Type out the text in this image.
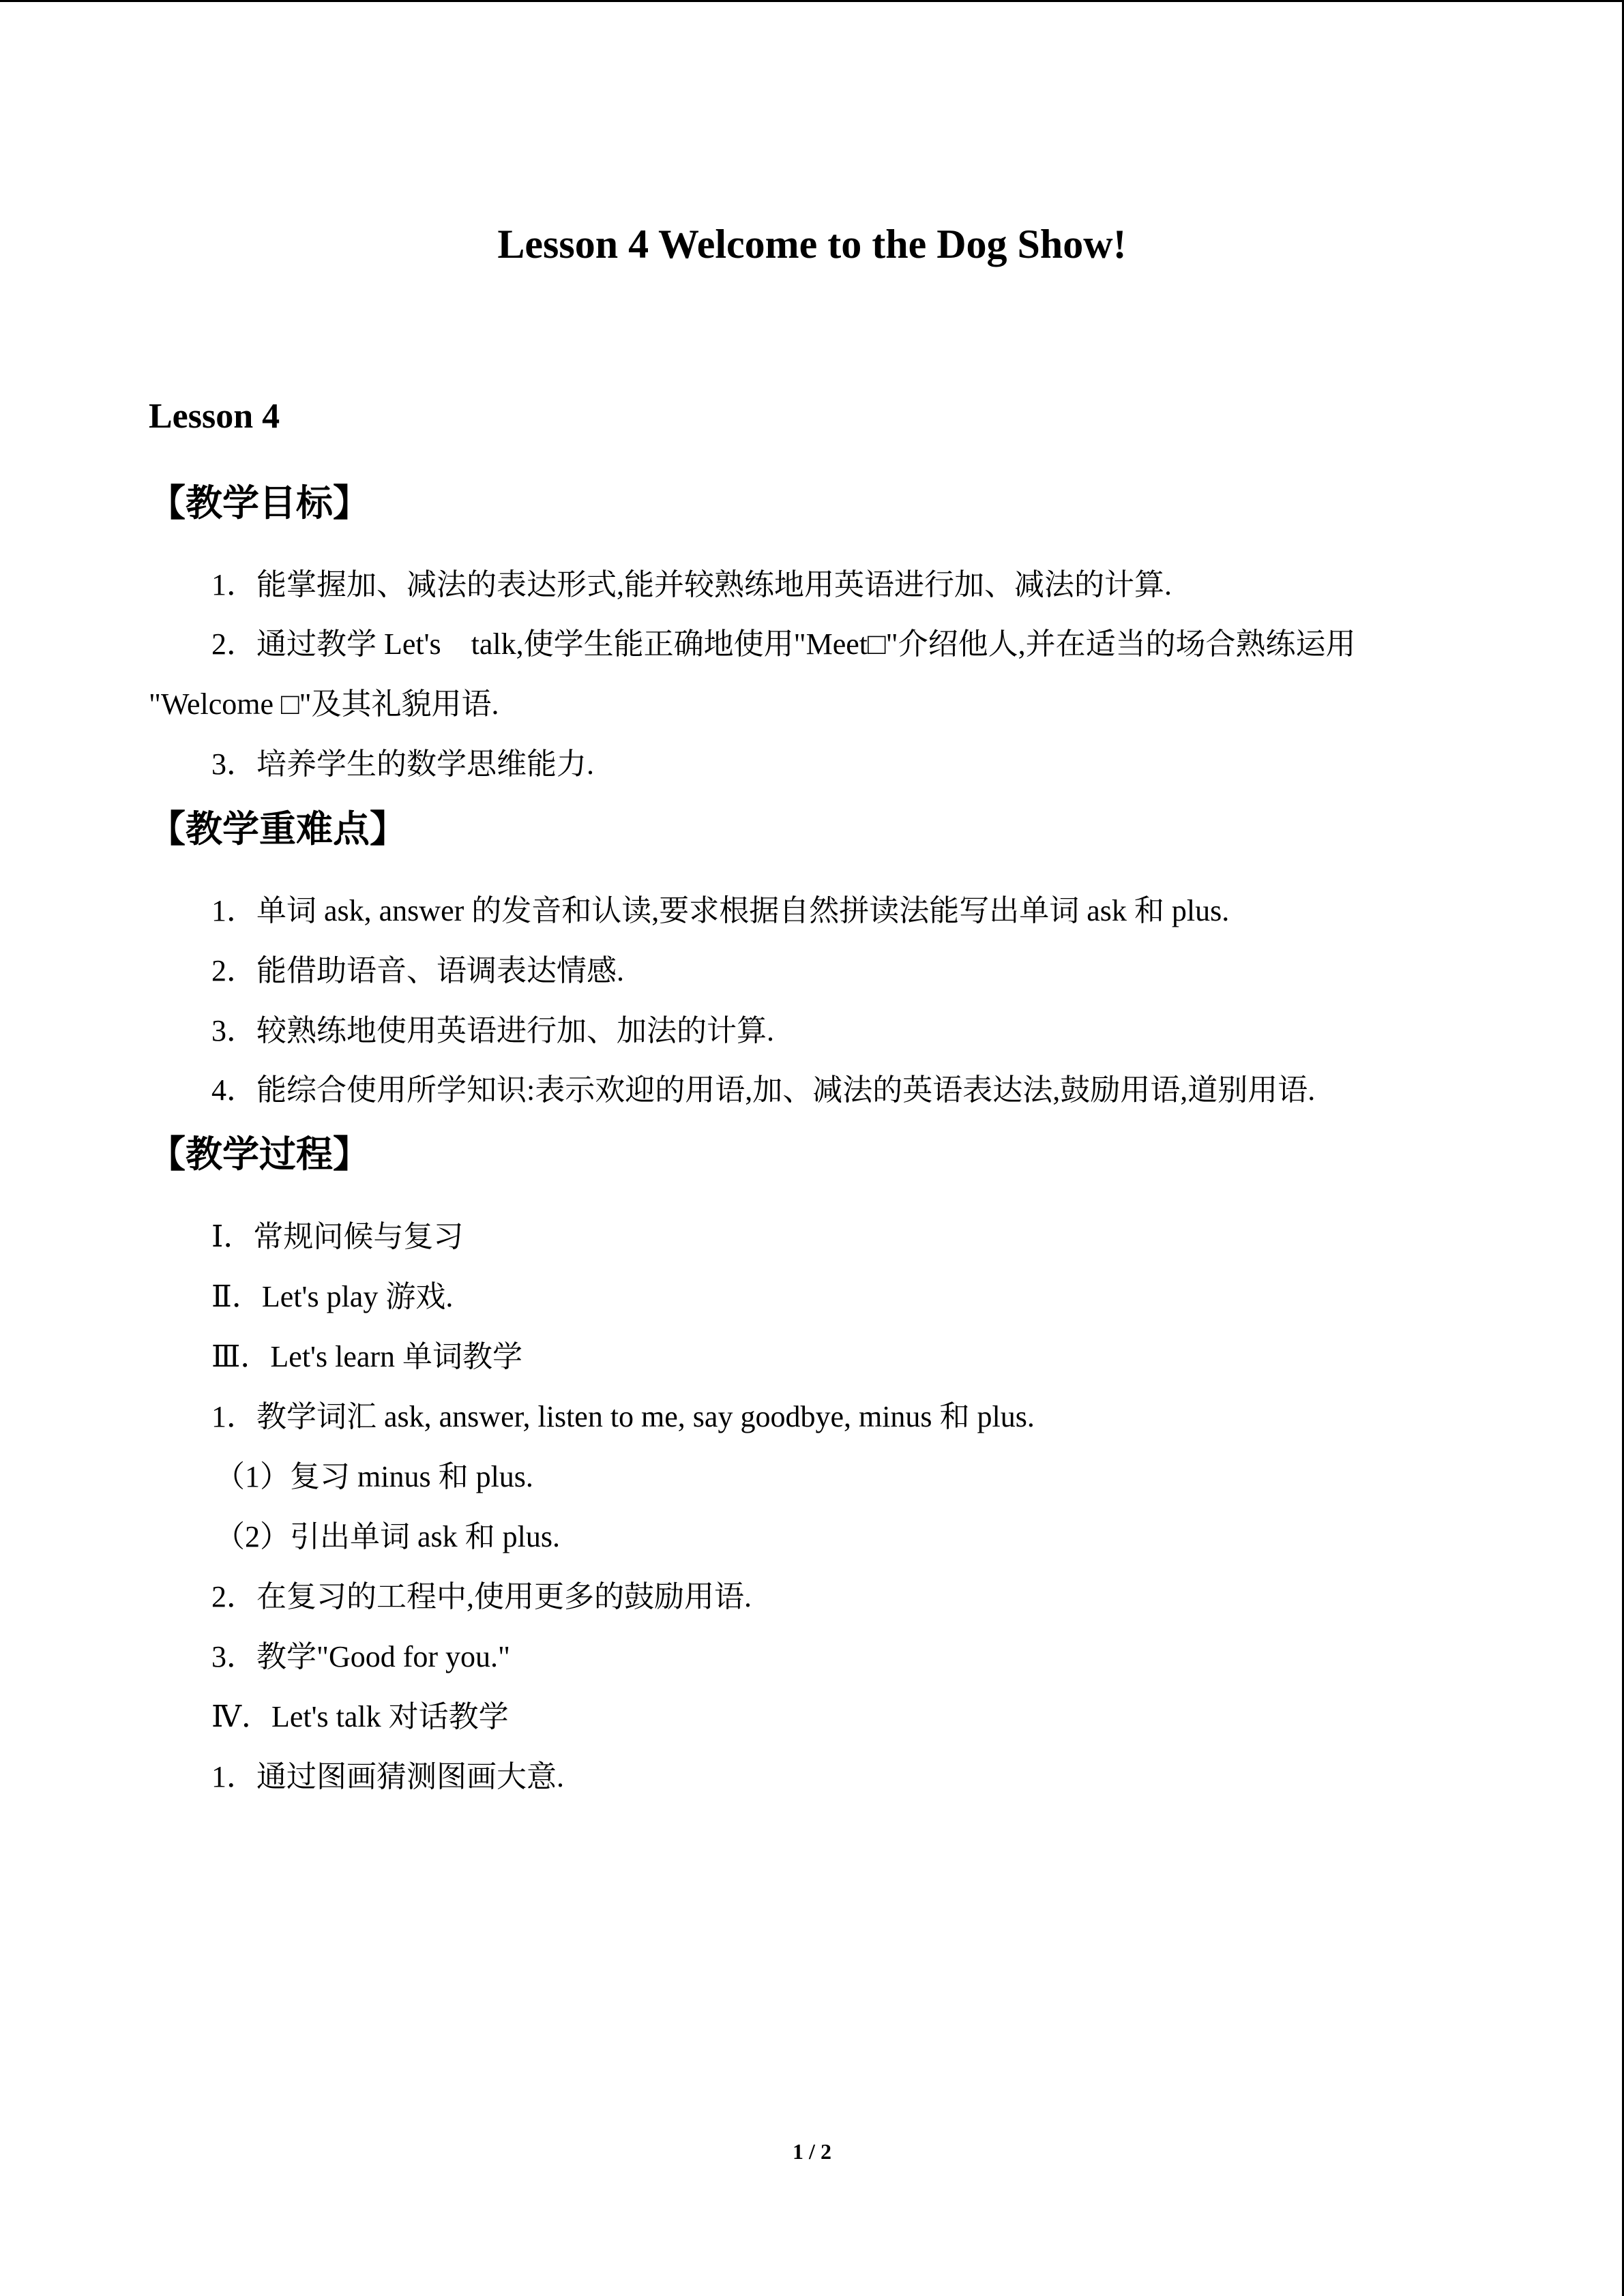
Lesson 4 Welcome to the Dog Show!
Lesson 4
【教学目标】

1．能掌握加、减法的表达形式,能并较熟练地用英语进行加、减法的计算.

2．通过教学 Let's　talk,使学生能正确地使用"Meet□"介绍他人,并在适当的场合熟练运用

"Welcome □"及其礼貌用语.

3．培养学生的数学思维能力.

【教学重难点】

1．单词 ask, answer 的发音和认读,要求根据自然拼读法能写出单词 ask 和 plus.

2．能借助语音、语调表达情感.

3．较熟练地使用英语进行加、加法的计算.

4．能综合使用所学知识:表示欢迎的用语,加、减法的英语表达法,鼓励用语,道别用语.

【教学过程】

Ⅰ．常规问候与复习

Ⅱ．Let's play 游戏.

Ⅲ．Let's learn 单词教学

1．教学词汇 ask, answer, listen to me, say goodbye, minus 和 plus.

（1）复习 minus 和 plus.

（2）引出单词 ask 和 plus.

2．在复习的工程中,使用更多的鼓励用语.

3．教学"Good for you."

Ⅳ．Let's talk 对话教学

1．通过图画猜测图画大意.

1 / 2
